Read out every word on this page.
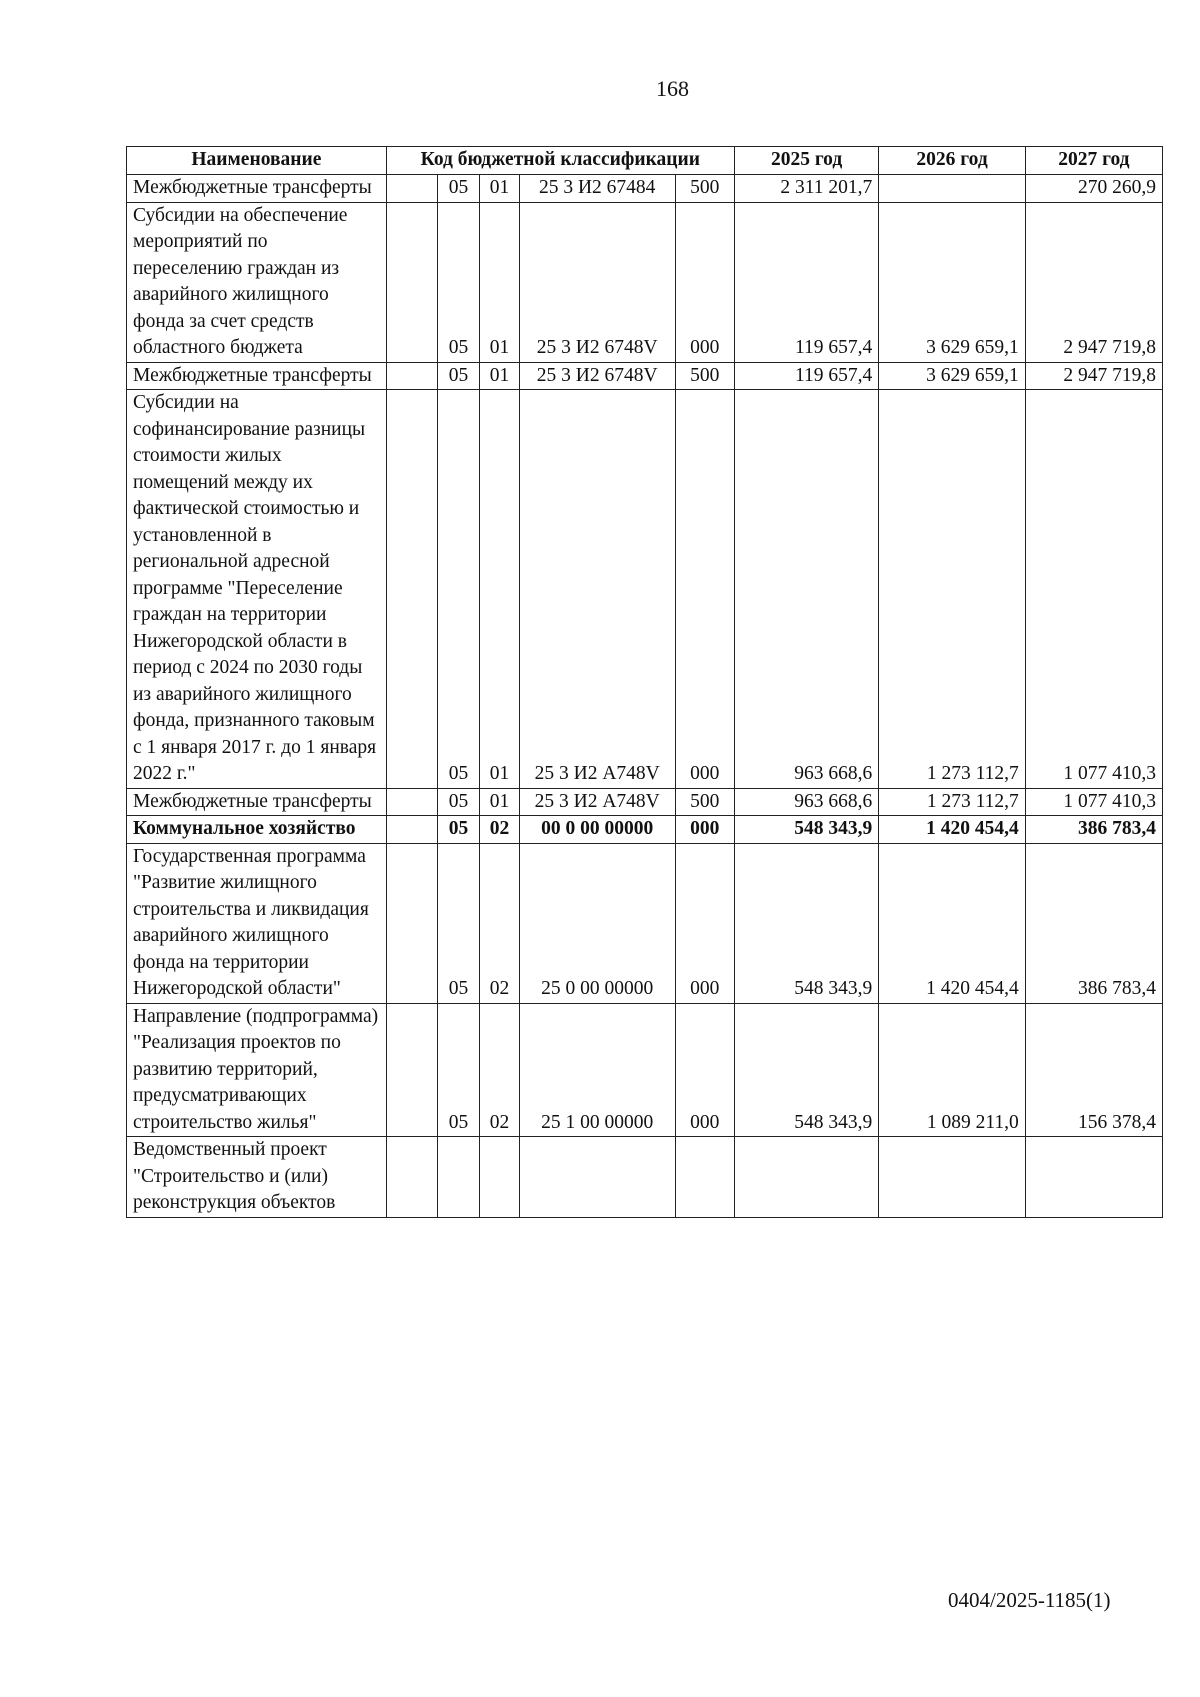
168
Наименование	Код бюджетной классификации					2025 год	2026 год	2027 год
Межбюджетные трансферты		05	01	25 3 И2 67484	500	2 311 201,7		270 260,9
Субсидии на обеспечение мероприятий по переселению граждан из аварийного жилищного фонда за счет средств областного бюджета		05	01	25 3 И2 6748V	000	119 657,4	3 629 659,1	2 947 719,8
Межбюджетные трансферты		05	01	25 3 И2 6748V	500	119 657,4	3 629 659,1	2 947 719,8
Субсидии на софинансирование разницы стоимости жилых помещений между их фактической стоимостью и установленной в региональной адресной программе "Переселение граждан на территории Нижегородской области в период с 2024 по 2030 годы из аварийного жилищного фонда, признанного таковым с 1 января 2017 г. до 1 января 2022 г."		05	01	25 3 И2 А748V	000	963 668,6	1 273 112,7	1 077 410,3
Межбюджетные трансферты		05	01	25 3 И2 А748V	500	963 668,6	1 273 112,7	1 077 410,3
Коммунальное хозяйство		05	02	00 0 00 00000	000	548 343,9	1 420 454,4	386 783,4
Государственная программа "Развитие жилищного строительства и ликвидация аварийного жилищного фонда на территории Нижегородской области"		05	02	25 0 00 00000	000	548 343,9	1 420 454,4	386 783,4
Направление (подпрограмма) "Реализация проектов по развитию территорий, предусматривающих строительство жилья"		05	02	25 1 00 00000	000	548 343,9	1 089 211,0	156 378,4
Ведомственный проект "Строительство и (или) реконструкция объектов								
0404/2025-1185(1)
